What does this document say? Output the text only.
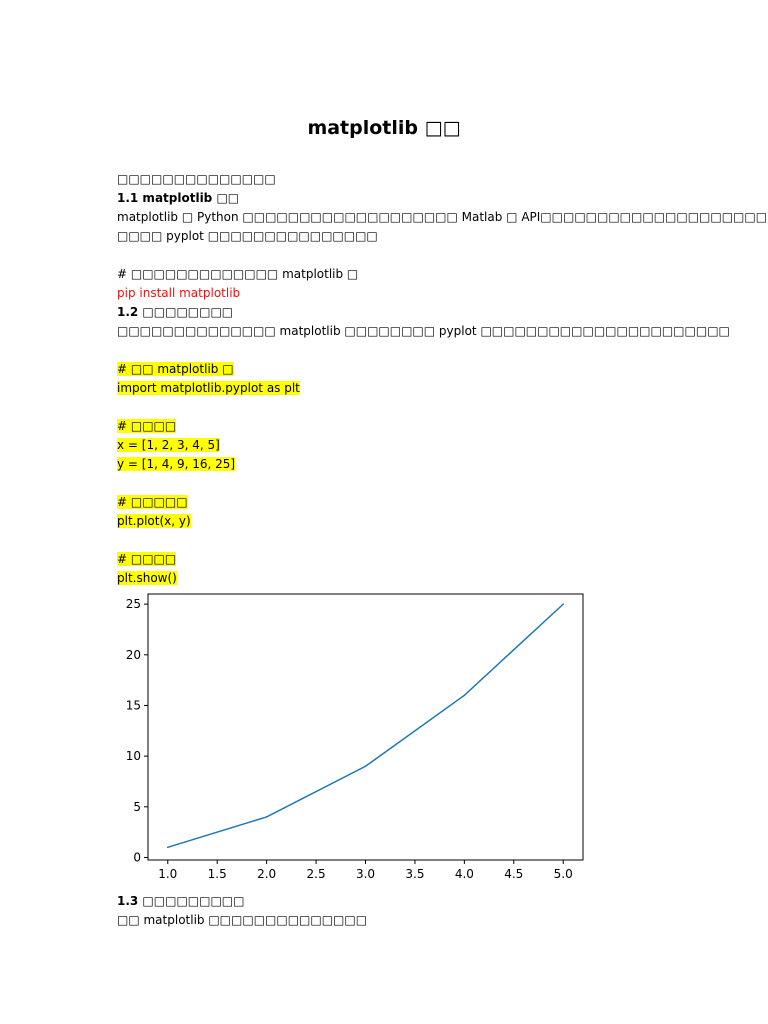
matplotlib □□
□□□□□□□□□□□□□□
1.1 matplotlib □□
matplotlib □ Python □□□□□□□□□□□□□□□□□□□ Matlab □ API□□□□□□□□□□□□□□□□□□□□
□□□□ pyplot □□□□□□□□□□□□□□□
# □□□□□□□□□□□□□ matplotlib □
pip install matplotlib
1.2 □□□□□□□□
□□□□□□□□□□□□□□ matplotlib □□□□□□□□ pyplot □□□□□□□□□□□□□□□□□□□□□□
# □□ matplotlib □
import matplotlib.pyplot as plt
# □□□□
x = [1, 2, 3, 4, 5]
y = [1, 4, 9, 16, 25]
# □□□□□
plt.plot(x, y)
# □□□□
plt.show()
1.0	1.5	2.0	2.5	3.0	3.5	4.0	4.5	5.0
0
5
10
15
20
25
1.3 □□□□□□□□□
□□ matplotlib □□□□□□□□□□□□□□
